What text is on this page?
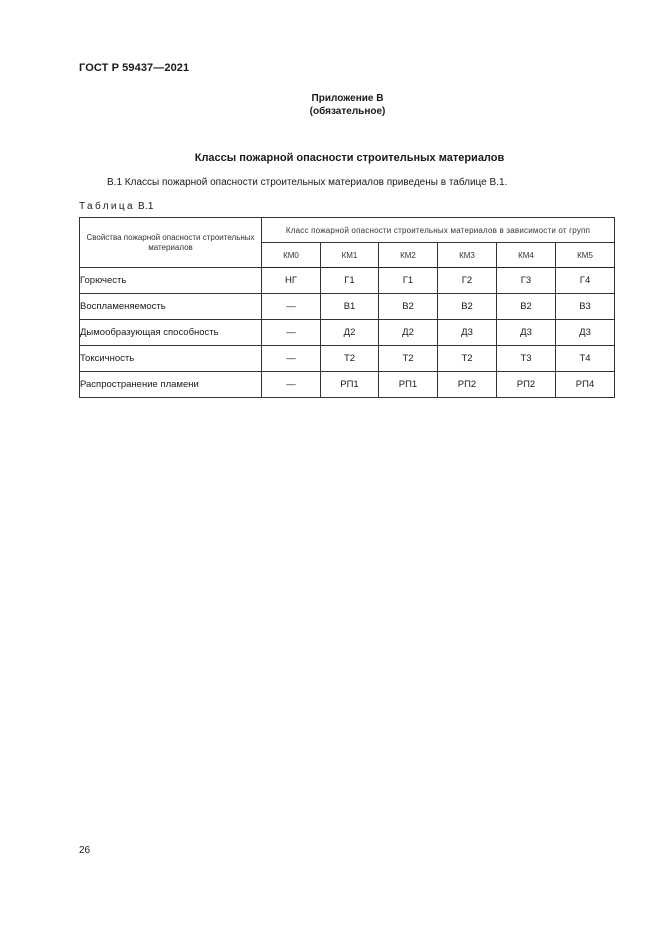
ГОСТ Р 59437—2021
Приложение В
(обязательное)
Классы пожарной опасности строительных материалов
В.1 Классы пожарной опасности строительных материалов приведены в таблице В.1.
Таблица В.1
Свойства пожарной опасности строительных материалов	Класс пожарной опасности строительных материалов в зависимости от групп					
	КМ0	КМ1	КМ2	КМ3	КМ4	КМ5
Горючесть	НГ	Г1	Г1	Г2	Г3	Г4
Воспламеняемость	—	В1	В2	В2	В2	В3
Дымообразующая способность	—	Д2	Д2	Д3	Д3	Д3
Токсичность	—	Т2	Т2	Т2	Т3	Т4
Распространение пламени	—	РП1	РП1	РП2	РП2	РП4
26
